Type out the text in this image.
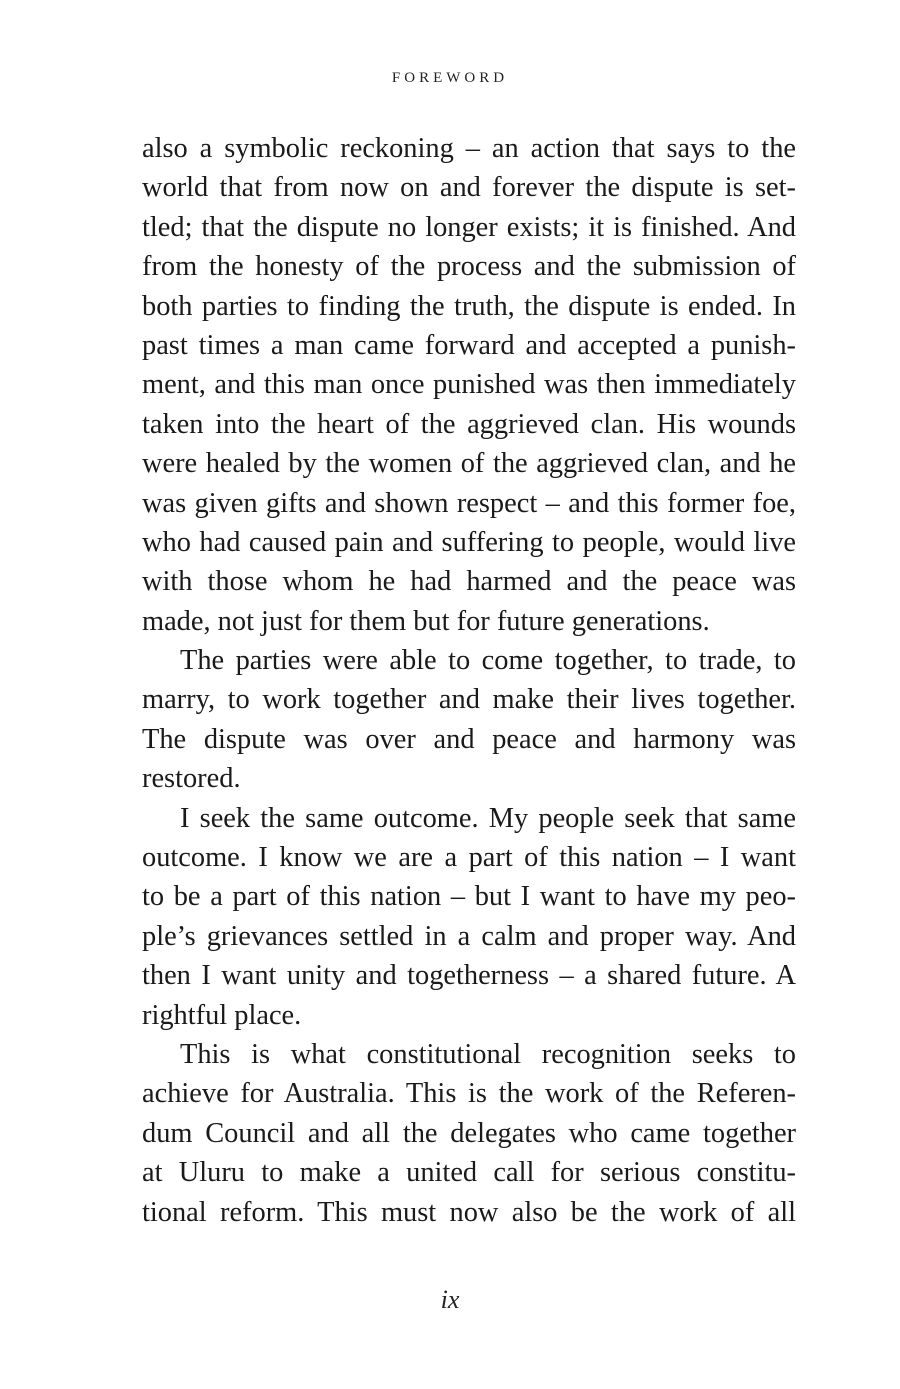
FOREWORD
also a symbolic reckoning – an action that says to the
world that from now on and forever the dispute is set-
tled; that the dispute no longer exists; it is finished. And
from the honesty of the process and the submission of
both parties to finding the truth, the dispute is ended. In
past times a man came forward and accepted a punish-
ment, and this man once punished was then immediately
taken into the heart of the aggrieved clan. His wounds
were healed by the women of the aggrieved clan, and he
was given gifts and shown respect – and this former foe,
who had caused pain and suffering to people, would live
with those whom he had harmed and the peace was
made, not just for them but for future generations.
The parties were able to come together, to trade, to
marry, to work together and make their lives together.
The dispute was over and peace and harmony was
restored.
I seek the same outcome. My people seek that same
outcome. I know we are a part of this nation – I want
to be a part of this nation – but I want to have my peo-
ple’s grievances settled in a calm and proper way. And
then I want unity and togetherness – a shared future. A
rightful place.
This is what constitutional recognition seeks to
achieve for Australia. This is the work of the Referen-
dum Council and all the delegates who came together
at Uluru to make a united call for serious constitu-
tional reform. This must now also be the work of all
ix
